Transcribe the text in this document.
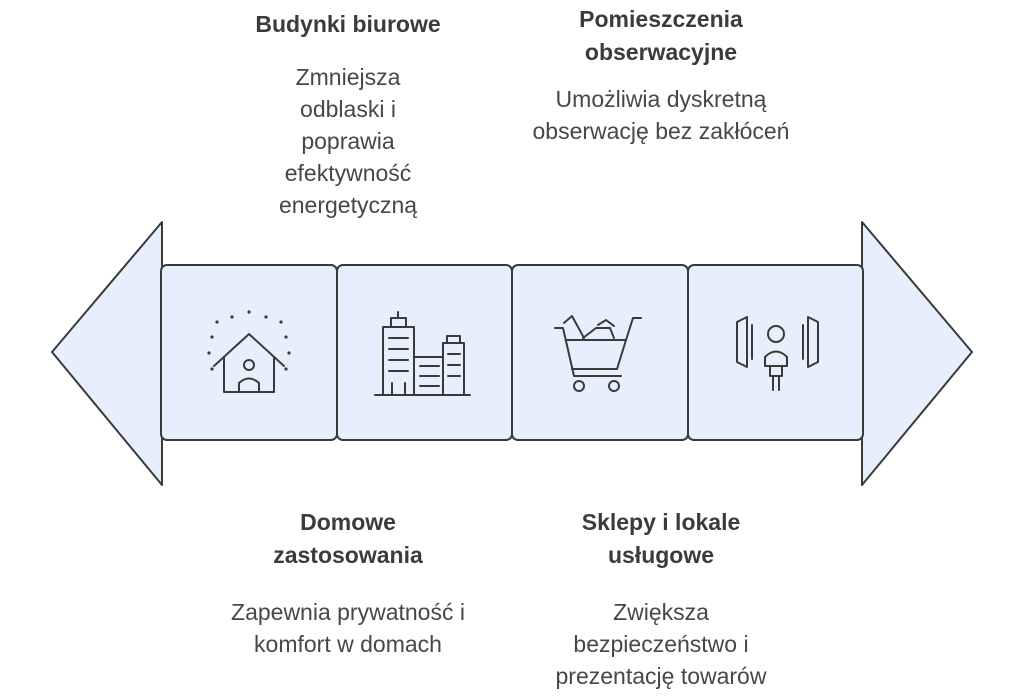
Budynki biurowe
Zmniejsza odblaski i poprawia efektywność energetyczną
Pomieszczenia obserwacyjne
Umożliwia dyskretną obserwację bez zakłóceń
Domowe zastosowania
Zapewnia prywatność i komfort w domach
Sklepy i lokale usługowe
Zwiększa bezpieczeństwo i prezentację towarów
